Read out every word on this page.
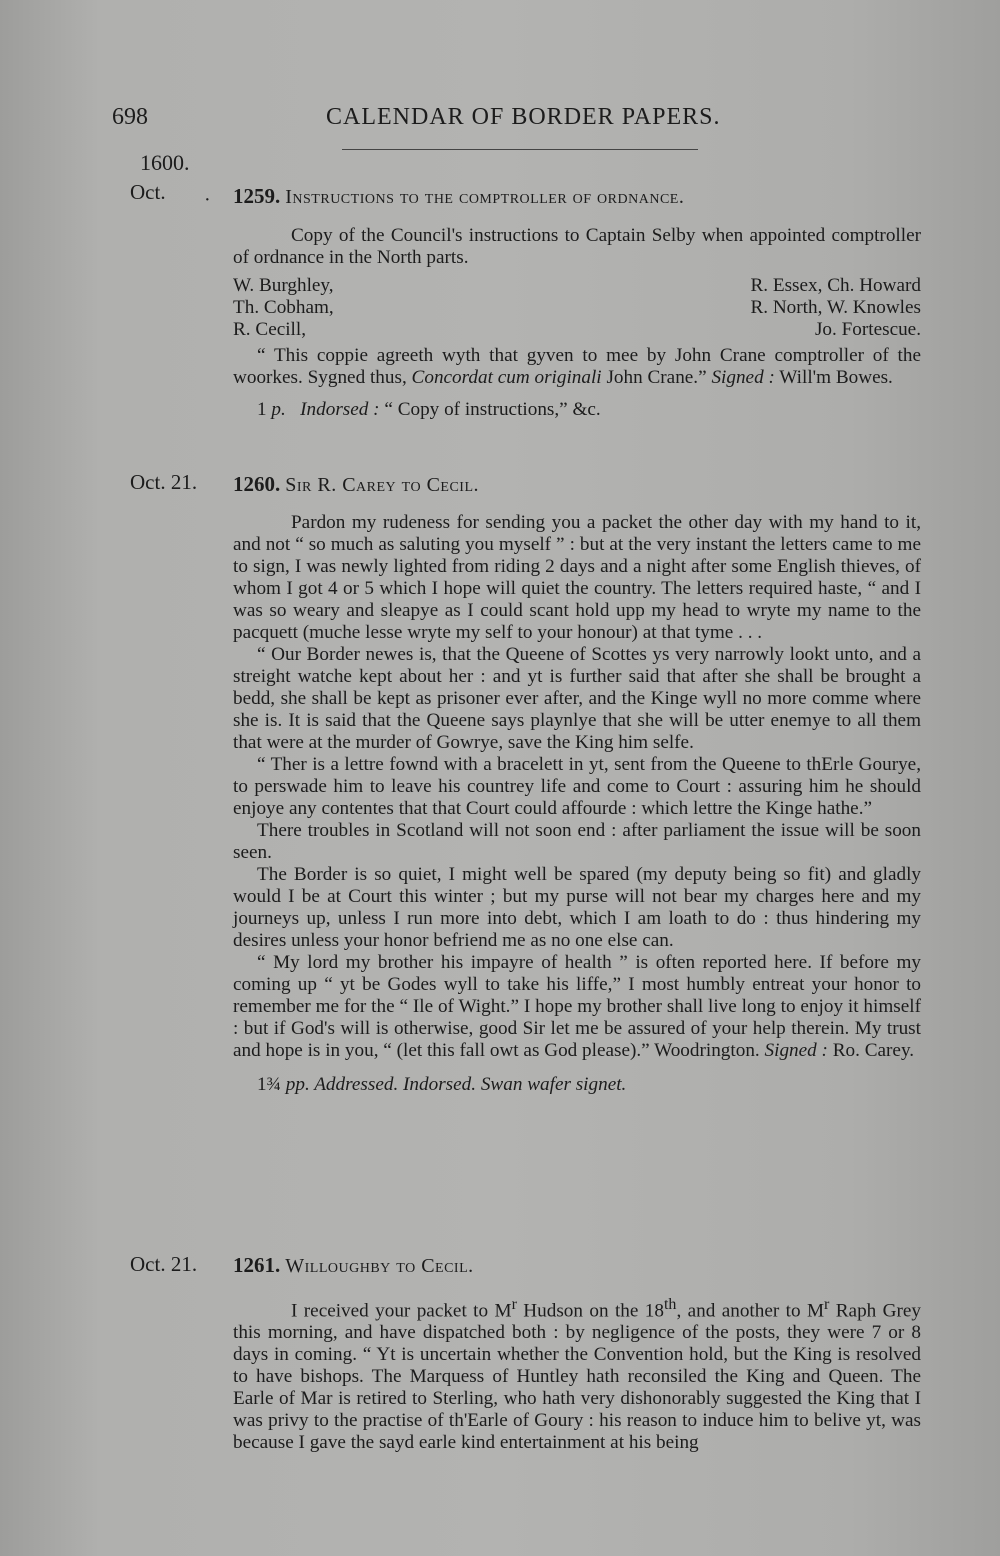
698	CALENDAR OF BORDER PAPERS.
1600.
Oct. · 1259. Instructions to the comptroller of ordnance.

Copy of the Council's instructions to Captain Selby when appointed comptroller of ordnance in the North parts.

W. Burghley,	R. Essex, Ch. Howard
Th. Cobham,	R. North, W. Knowles
R. Cecill,	Jo. Fortescue.

“ This coppie agreeth wyth that gyven to mee by John Crane comptroller of the woorkes. Sygned thus, Concordat cum originali John Crane.” Signed : Will'm Bowes.

1 p. Indorsed : “ Copy of instructions,” &c.

Oct. 21. 1260. Sir R. Carey to Cecil.

Pardon my rudeness for sending you a packet the other day with my hand to it, and not “ so much as saluting you myself ” : but at the very instant the letters came to me to sign, I was newly lighted from riding 2 days and a night after some English thieves, of whom I got 4 or 5 which I hope will quiet the country. The letters required haste, “ and I was so weary and sleapye as I could scant hold upp my head to wryte my name to the pacquett (muche lesse wryte my self to your honour) at that tyme . . .

“ Our Border newes is, that the Queene of Scottes ys very narrowly lookt unto, and a streight watche kept about her : and yt is further said that after she shall be brought a bedd, she shall be kept as prisoner ever after, and the Kinge wyll no more comme where she is. It is said that the Queene says playnlye that she will be utter enemye to all them that were at the murder of Gowrye, save the King him selfe.

“ Ther is a lettre fownd with a bracelett in yt, sent from the Queene to thErle Gourye, to perswade him to leave his countrey life and come to Court : assuring him he should enjoye any contentes that that Court could affourde : which lettre the Kinge hathe.”

There troubles in Scotland will not soon end : after parliament the issue will be soon seen.

The Border is so quiet, I might well be spared (my deputy being so fit) and gladly would I be at Court this winter ; but my purse will not bear my charges here and my journeys up, unless I run more into debt, which I am loath to do : thus hindering my desires unless your honor befriend me as no one else can.

“ My lord my brother his impayre of health ” is often reported here. If before my coming up “ yt be Godes wyll to take his liffe,” I most humbly entreat your honor to remember me for the “ Ile of Wight.” I hope my brother shall live long to enjoy it himself : but if God's will is otherwise, good Sir let me be assured of your help therein. My trust and hope is in you, “ (let this fall owt as God please).” Woodrington. Signed : Ro. Carey.

1¾ pp. Addressed. Indorsed. Swan wafer signet.

Oct. 21. 1261. Willoughby to Cecil.

I received your packet to $M^r$ Hudson on the 18th, and another to $M^r$ Raph Grey this morning, and have dispatched both : by negligence of the posts, they were 7 or 8 days in coming. “ Yt is uncertain whether the Convention hold, but the King is resolved to have bishops. The Marquess of Huntley hath reconsiled the King and Queen. The Earle of Mar is retired to Sterling, who hath very dishonorably suggested the King that I was privy to the practise of th'Earle of Goury : his reason to induce him to belive yt, was because I gave the sayd earle kind entertainment at his being
